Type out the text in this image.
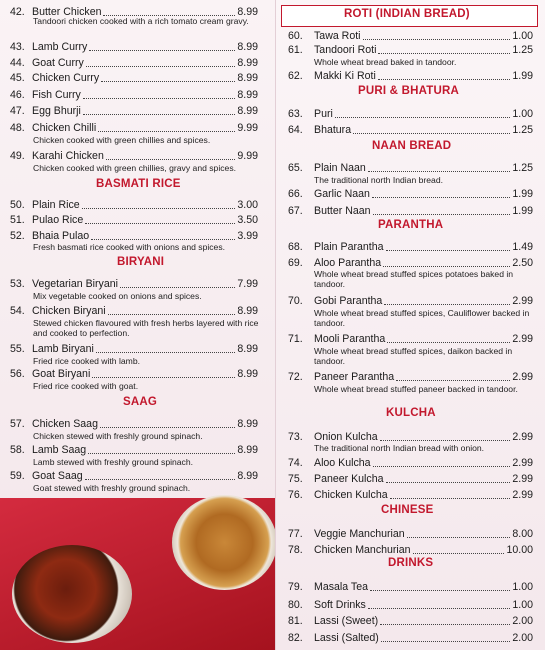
42. Butter Chicken	8.99
Tandoori chicken cooked with a rich tomato cream gravy.
43. Lamb Curry	8.99
44. Goat Curry	8.99
45. Chicken Curry	8.99
46. Fish Curry	8.99
47. Egg Bhurji	8.99
48. Chicken Chilli	9.99
Chicken cooked with green chillies and spices.
49. Karahi Chicken	9.99
Chicken cooked with green chillies, gravy and spices.
50. Plain Rice	3.00
51. Pulao Rice	3.50
52. Bhaia Pulao	3.99
Fresh basmati rice cooked with onions and spices.
53. Vegetarian Biryani	7.99
Mix vegetable cooked on onions and spices.
54. Chicken Biryani	8.99
Stewed chicken flavoured with fresh herbs layered with rice and cooked to perfection.
55. Lamb Biryani	8.99
Fried rice cooked with lamb.
56. Goat Biryani	8.99
Fried rice cooked with goat.
57. Chicken Saag	8.99
Chicken stewed with freshly ground spinach.
58. Lamb Saag	8.99
Lamb stewed with freshly ground spinach.
59. Goat Saag	8.99
Goat stewed with freshly ground spinach.
BASMATI RICE
BIRYANI
SAAG
60. Tawa Roti	1.00
61. Tandoori Roti	1.25
Whole wheat bread baked in tandoor.
62. Makki Ki Roti	1.99
63. Puri	1.00
64. Bhatura	1.25
65. Plain Naan	1.25
The traditional north Indian bread.
66. Garlic Naan	1.99
67. Butter Naan	1.99
68. Plain Parantha	1.49
69. Aloo Parantha	2.50
Whole wheat bread stuffed spices potatoes baked in tandoor.
70. Gobi Parantha	2.99
Whole wheat bread stuffed spices, Cauliflower backed in tandoor.
71. Mooli Parantha	2.99
Whole wheat bread stuffed spices, daikon backed in tandoor.
72. Paneer Parantha	2.99
Whole wheat bread stuffed paneer backed in tandoor.
73. Onion Kulcha	2.99
The traditional north Indian bread with onion.
74. Aloo Kulcha	2.99
75. Paneer Kulcha	2.99
76. Chicken Kulcha	2.99
77. Veggie Manchurian	8.00
78. Chicken Manchurian	10.00
79. Masala Tea	1.00
80. Soft Drinks	1.00
81. Lassi (Sweet)	2.00
82. Lassi (Salted)	2.00
ROTI (INDIAN BREAD)
PURI & BHATURA
NAAN BREAD
PARANTHA
KULCHA
CHINESE
DRINKS
